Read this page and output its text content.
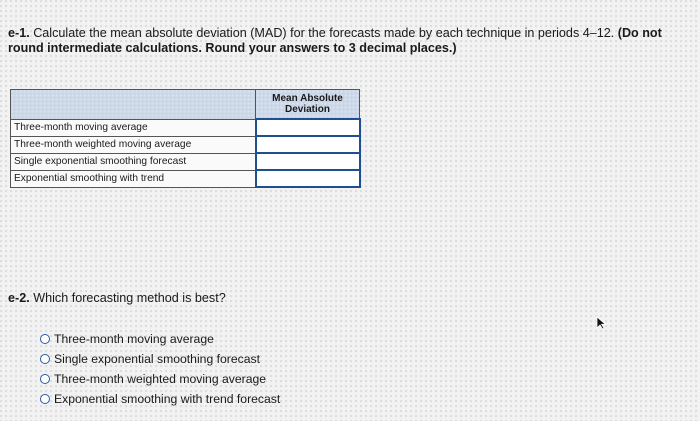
e-1. Calculate the mean absolute deviation (MAD) for the forecasts made by each technique in periods 4–12. (Do not round intermediate calculations. Round your answers to 3 decimal places.)
	Mean Absolute Deviation
Three-month moving average	
Three-month weighted moving average	
Single exponential smoothing forecast	
Exponential smoothing with trend	
e-2. Which forecasting method is best?
Three-month moving average
Single exponential smoothing forecast
Three-month weighted moving average
Exponential smoothing with trend forecast
